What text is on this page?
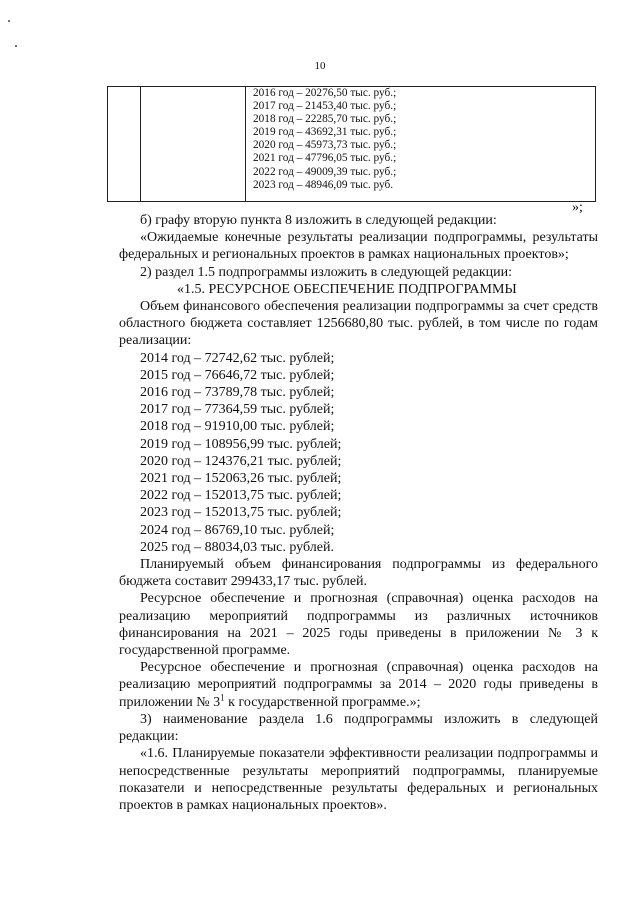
10

2016 год – 20276,50 тыс. руб.;
2017 год – 21453,40 тыс. руб.;
2018 год – 22285,70 тыс. руб.;
2019 год – 43692,31 тыс. руб.;
2020 год – 45973,73 тыс. руб.;
2021 год – 47796,05 тыс. руб.;
2022 год – 49009,39 тыс. руб.;
2023 год – 48946,09 тыс. руб.
»;

б) графу вторую пункта 8 изложить в следующей редакции:

«Ожидаемые конечные результаты реализации подпрограммы, результаты федеральных и региональных проектов в рамках национальных проектов»;

2) раздел 1.5 подпрограммы изложить в следующей редакции:

«1.5. РЕСУРСНОЕ ОБЕСПЕЧЕНИЕ ПОДПРОГРАММЫ

Объем финансового обеспечения реализации подпрограммы за счет средств областного бюджета составляет 1256680,80 тыс. рублей, в том числе по годам реализации:

2014 год – 72742,62 тыс. рублей;
2015 год – 76646,72 тыс. рублей;
2016 год – 73789,78 тыс. рублей;
2017 год – 77364,59 тыс. рублей;
2018 год – 91910,00 тыс. рублей;
2019 год – 108956,99 тыс. рублей;
2020 год – 124376,21 тыс. рублей;
2021 год – 152063,26 тыс. рублей;
2022 год – 152013,75 тыс. рублей;
2023 год – 152013,75 тыс. рублей;
2024 год – 86769,10 тыс. рублей;
2025 год – 88034,03 тыс. рублей.

Планируемый объем финансирования подпрограммы из федерального бюджета составит 299433,17 тыс. рублей.

Ресурсное обеспечение и прогнозная (справочная) оценка расходов на реализацию мероприятий подпрограммы из различных источников финансирования на 2021 – 2025 годы приведены в приложении № 3 к государственной программе.

Ресурсное обеспечение и прогнозная (справочная) оценка расходов на реализацию мероприятий подпрограммы за 2014 – 2020 годы приведены в приложении № $3^1$ к государственной программе.»;

3) наименование раздела 1.6 подпрограммы изложить в следующей редакции:

«1.6. Планируемые показатели эффективности реализации подпрограммы и непосредственные результаты мероприятий подпрограммы, планируемые показатели и непосредственные результаты федеральных и региональных проектов в рамках национальных проектов».
